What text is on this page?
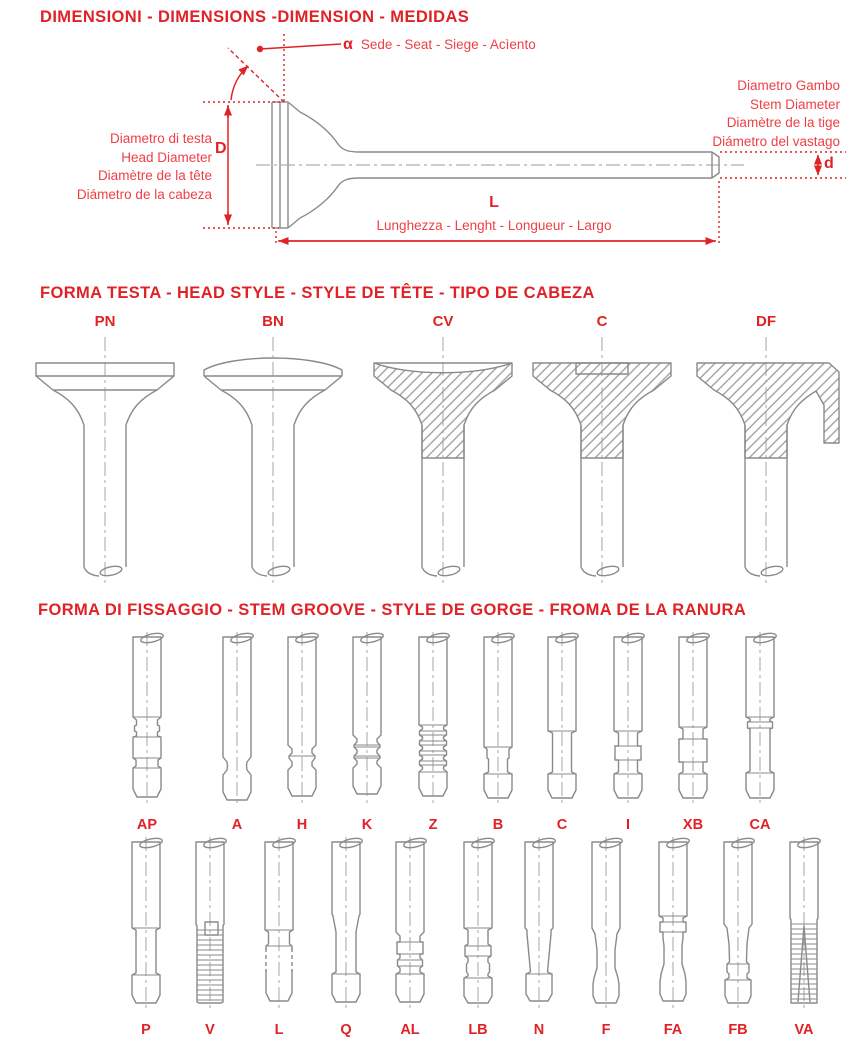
DIMENSIONI - DIMENSIONS -DIMENSION - MEDIDAS
α Sede - Seat - Siege - Acìento
Diametro Gambo
Stem Diameter
Diamètre de la tige
Diámetro del vastago
d
Diametro di testa
Head Diameter
Diamètre de la tête
Diámetro de la cabeza
D
L
Lunghezza - Lenght - Longueur - Largo
FORMA TESTA - HEAD STYLE - STYLE DE TÊTE - TIPO DE CABEZA
PN	BN	CV	C	DF
FORMA DI FISSAGGIO - STEM GROOVE - STYLE DE GORGE - FROMA DE LA RANURA
AP	A	H	K	Z	B	C	I	XB	CA
P	V	L	Q	AL	LB	N	F	FA	FB	VA
